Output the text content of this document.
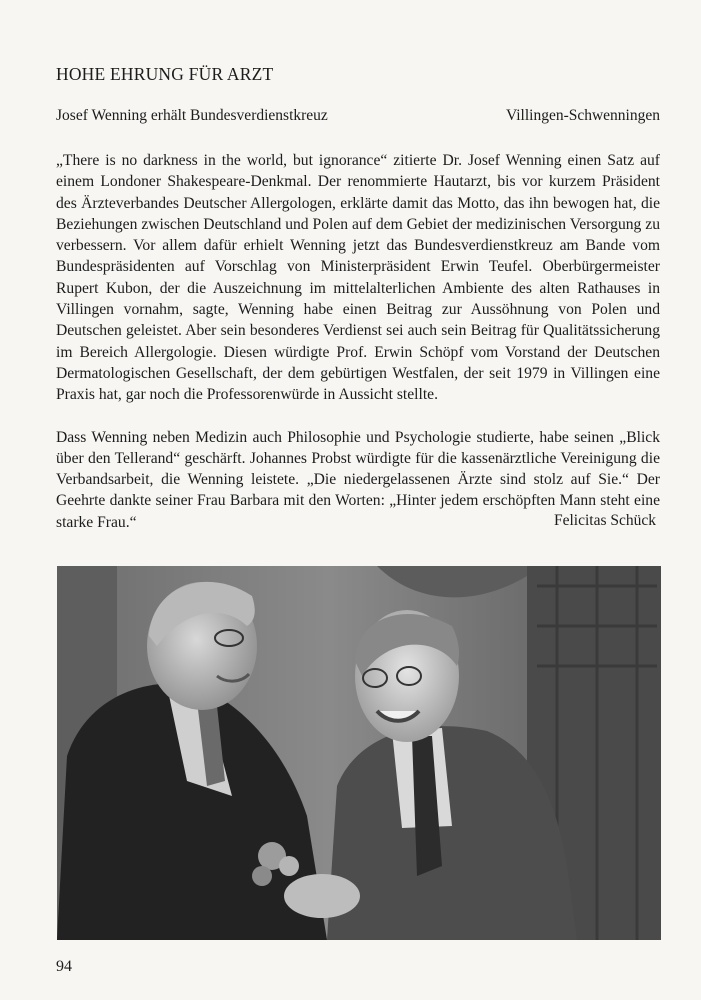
HOHE EHRUNG FÜR ARZT
Josef Wenning erhält Bundesverdienstkreuz	Villingen-Schwenningen

„There is no darkness in the world, but ignorance“ zitierte Dr. Josef Wenning einen Satz auf einem Londoner Shakespeare-Denkmal. Der renommierte Hautarzt, bis vor kurzem Präsident des Ärzteverbandes Deutscher Allergologen, erklärte damit das Motto, das ihn bewogen hat, die Beziehungen zwischen Deutschland und Polen auf dem Gebiet der medizinischen Versorgung zu verbessern. Vor allem dafür erhielt Wenning jetzt das Bundesverdienstkreuz am Bande vom Bundespräsidenten auf Vorschlag von Ministerpräsident Erwin Teufel. Oberbürgermeister Rupert Kubon, der die Auszeichnung im mittelalterlichen Ambiente des alten Rathauses in Villingen vornahm, sagte, Wenning habe einen Beitrag zur Aussöhnung von Polen und Deutschen geleistet. Aber sein besonderes Verdienst sei auch sein Beitrag für Qualitätssicherung im Bereich Allergologie. Diesen würdigte Prof. Erwin Schöpf vom Vorstand der Deutschen Dermatologischen Gesellschaft, der dem gebürtigen Westfalen, der seit 1979 in Villingen eine Praxis hat, gar noch die Professorenwürde in Aussicht stellte.

Dass Wenning neben Medizin auch Philosophie und Psychologie studierte, habe seinen „Blick über den Tellerand“ geschärft. Johannes Probst würdigte für die kassenärztliche Vereinigung die Verbandsarbeit, die Wenning leistete. „Die niedergelassenen Ärzte sind stolz auf Sie.“ Der Geehrte dankte seiner Frau Barbara mit den Worten: „Hinter jedem erschöpften Mann steht eine starke Frau.“	Felicitas Schück
94
